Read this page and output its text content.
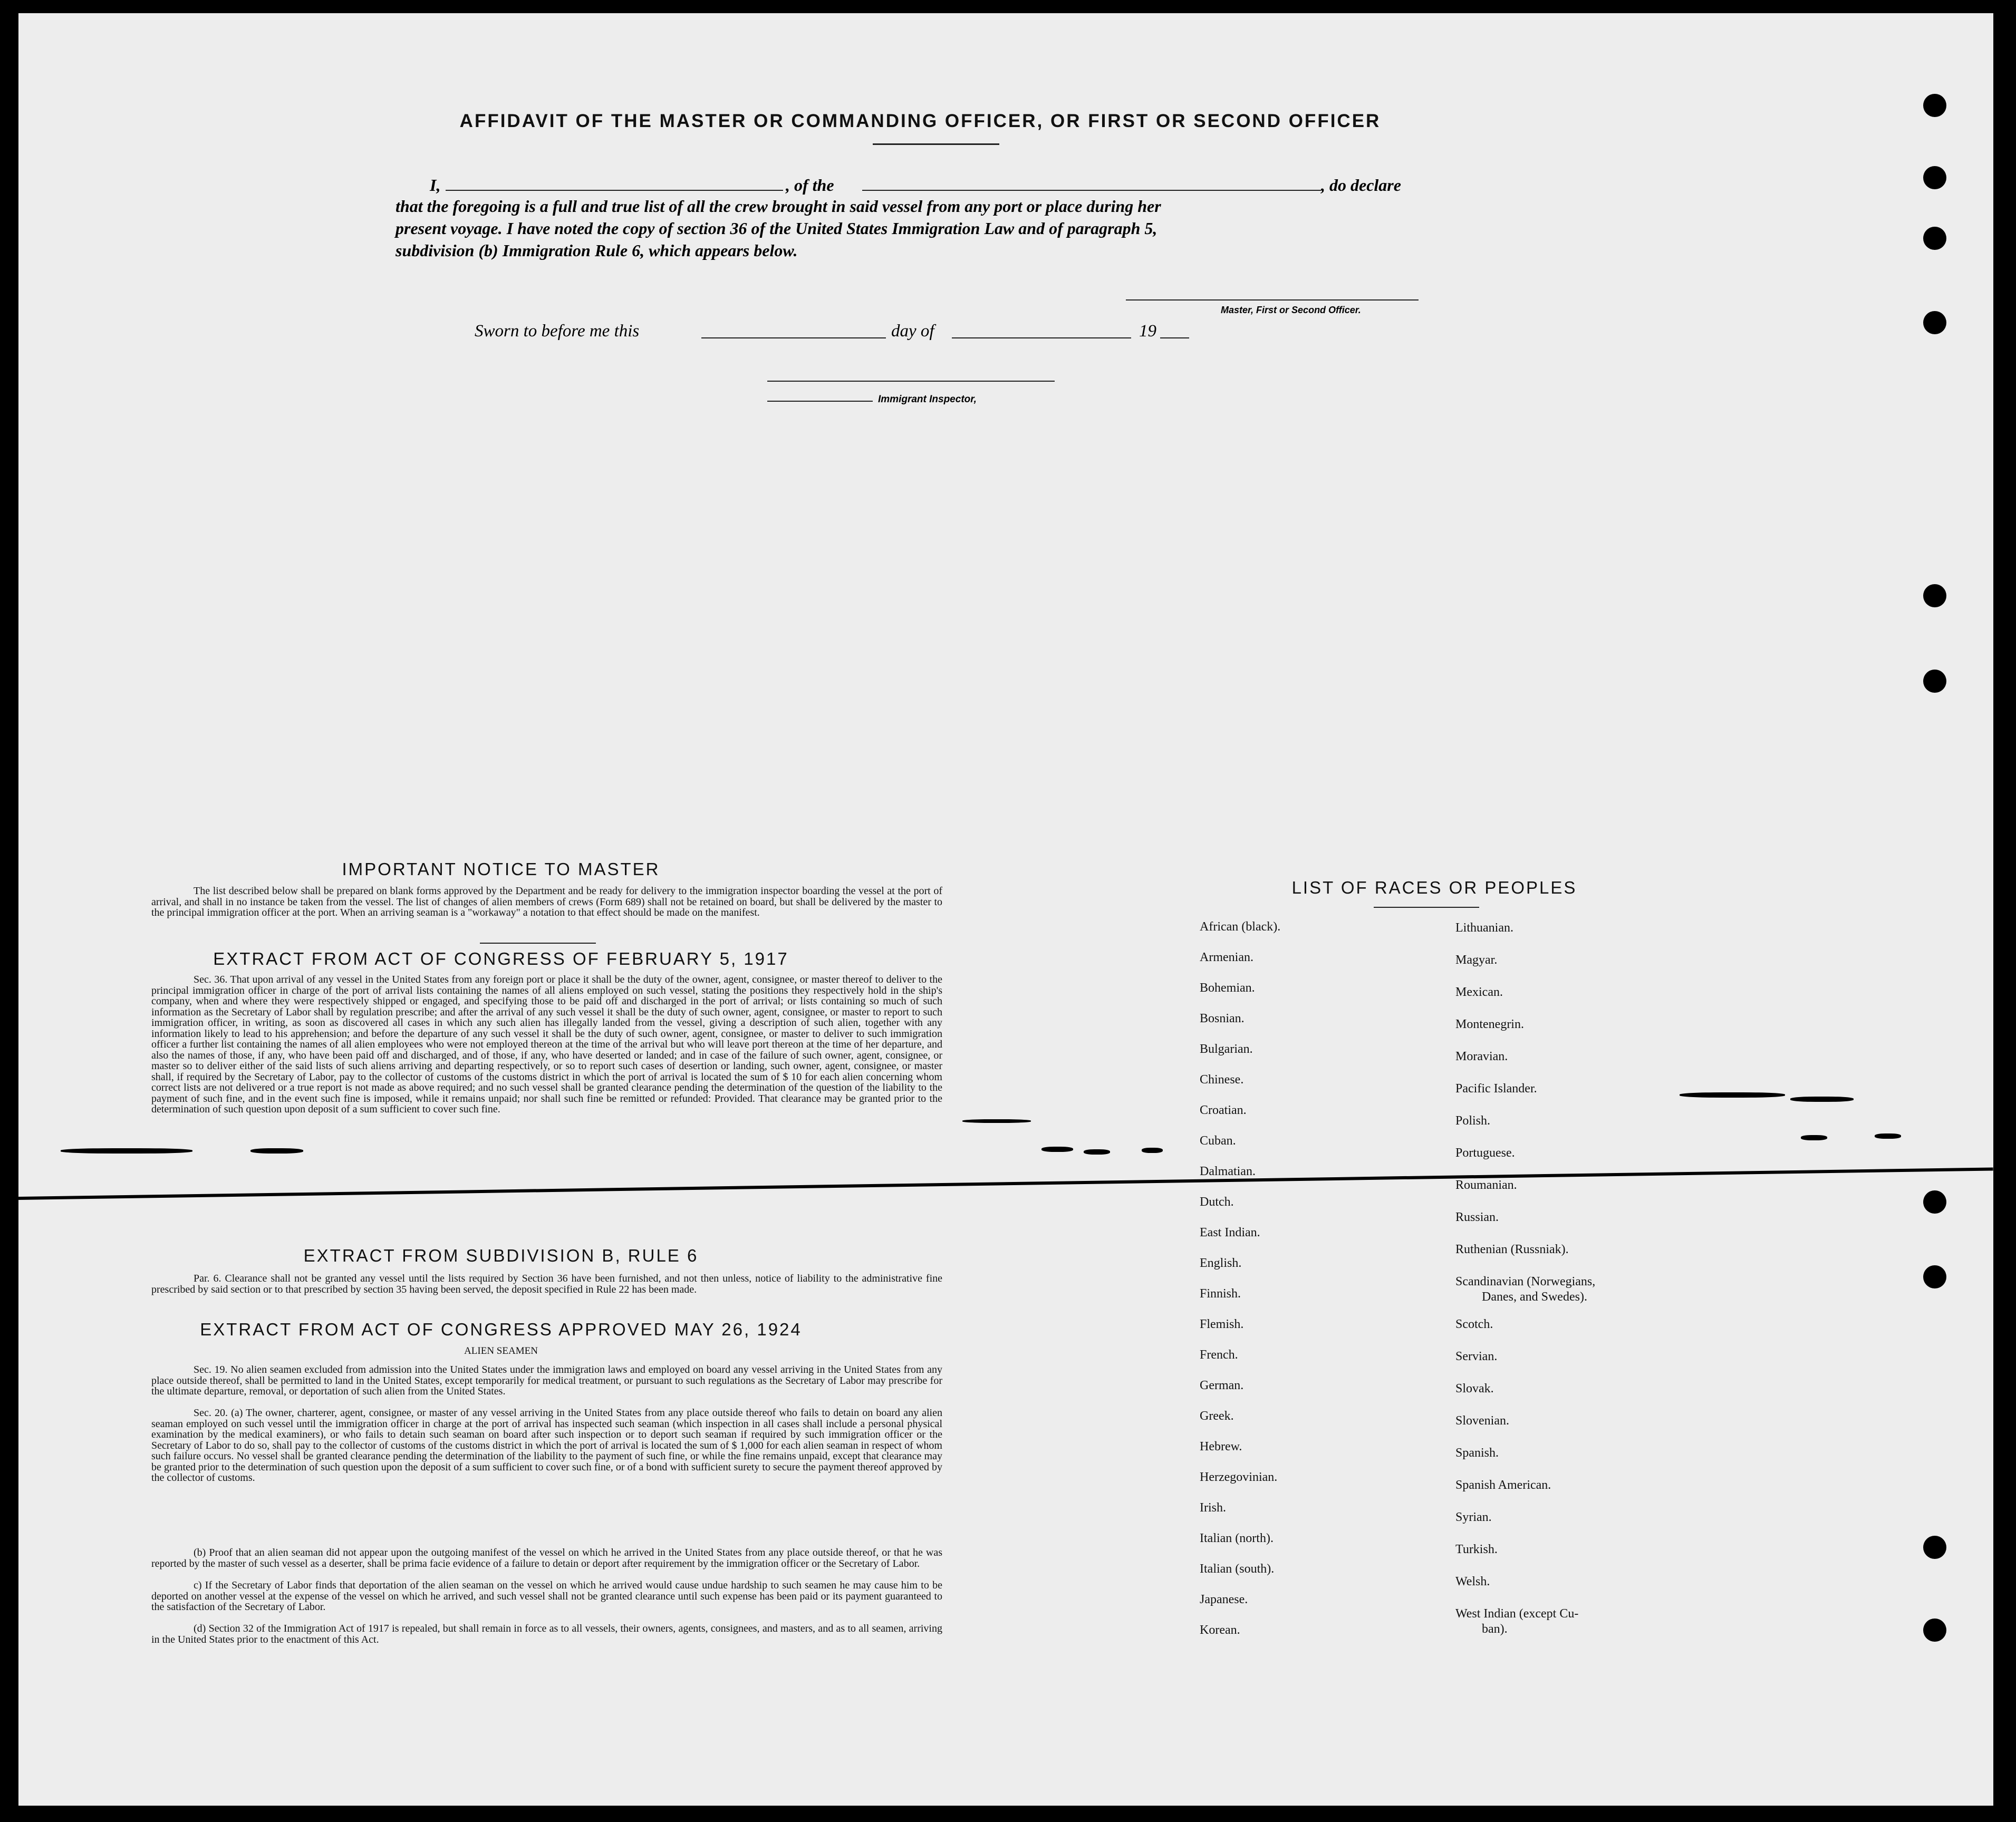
AFFIDAVIT OF THE MASTER OR COMMANDING OFFICER, OR FIRST OR SECOND OFFICER
I,	, of the	, do declare
that the foregoing is a full and true list of all the crew brought in said vessel from any port or place during her
present voyage. I have noted the copy of section 36 of the United States Immigration Law and of paragraph 5,
subdivision (b) Immigration Rule 6, which appears below.
Master, First or Second Officer.
Sworn to before me this	day of	19
Immigrant Inspector,
IMPORTANT NOTICE TO MASTER
The list described below shall be prepared on blank forms approved by the Department and be ready for delivery to the immigration inspector boarding the vessel at the port of arrival, and shall in no instance be taken from the vessel. The list of changes of alien members of crews (Form 689) shall not be retained on board, but shall be delivered by the master to the principal immigration officer at the port. When an arriving seaman is a "workaway" a notation to that effect should be made on the manifest.
EXTRACT FROM ACT OF CONGRESS OF FEBRUARY 5, 1917
Sec. 36. That upon arrival of any vessel in the United States from any foreign port or place it shall be the duty of the owner, agent, consignee, or master thereof to deliver to the principal immigration officer in charge of the port of arrival lists containing the names of all aliens employed on such vessel, stating the positions they respectively hold in the ship's company, when and where they were respectively shipped or engaged, and specifying those to be paid off and discharged in the port of arrival; or lists containing so much of such information as the Secretary of Labor shall by regulation prescribe; and after the arrival of any such vessel it shall be the duty of such owner, agent, consignee, or master to report to such immigration officer, in writing, as soon as discovered all cases in which any such alien has illegally landed from the vessel, giving a description of such alien, together with any information likely to lead to his apprehension; and before the departure of any such vessel it shall be the duty of such owner, agent, consignee, or master to deliver to such immigration officer a further list containing the names of all alien employees who were not employed thereon at the time of the arrival but who will leave port thereon at the time of her departure, and also the names of those, if any, who have been paid off and discharged, and of those, if any, who have deserted or landed; and in case of the failure of such owner, agent, consignee, or master so to deliver either of the said lists of such aliens arriving and departing respectively, or so to report such cases of desertion or landing, such owner, agent, consignee, or master shall, if required by the Secretary of Labor, pay to the collector of customs of the customs district in which the port of arrival is located the sum of $ 10 for each alien concerning whom correct lists are not delivered or a true report is not made as above required; and no such vessel shall be granted clearance pending the determination of the question of the liability to the payment of such fine, and in the event such fine is imposed, while it remains unpaid; nor shall such fine be remitted or refunded: Provided. That clearance may be granted prior to the determination of such question upon deposit of a sum sufficient to cover such fine.
EXTRACT FROM SUBDIVISION B, RULE 6
Par. 6. Clearance shall not be granted any vessel until the lists required by Section 36 have been furnished, and not then unless, notice of liability to the administrative fine prescribed by said section or to that prescribed by section 35 having been served, the deposit specified in Rule 22 has been made.
EXTRACT FROM ACT OF CONGRESS APPROVED MAY 26, 1924
ALIEN SEAMEN
Sec. 19. No alien seamen excluded from admission into the United States under the immigration laws and employed on board any vessel arriving in the United States from any place outside thereof, shall be permitted to land in the United States, except temporarily for medical treatment, or pursuant to such regulations as the Secretary of Labor may prescribe for the ultimate departure, removal, or deportation of such alien from the United States.
Sec. 20. (a) The owner, charterer, agent, consignee, or master of any vessel arriving in the United States from any place outside thereof who fails to detain on board any alien seaman employed on such vessel until the immigration officer in charge at the port of arrival has inspected such seaman (which inspection in all cases shall include a personal physical examination by the medical examiners), or who fails to detain such seaman on board after such inspection or to deport such seaman if required by such immigration officer or the Secretary of Labor to do so, shall pay to the collector of customs of the customs district in which the port of arrival is located the sum of $ 1,000 for each alien seaman in respect of whom such failure occurs. No vessel shall be granted clearance pending the determination of the liability to the payment of such fine, or while the fine remains unpaid, except that clearance may be granted prior to the determination of such question upon the deposit of a sum sufficient to cover such fine, or of a bond with sufficient surety to secure the payment thereof approved by the collector of customs.
(b) Proof that an alien seaman did not appear upon the outgoing manifest of the vessel on which he arrived in the United States from any place outside thereof, or that he was reported by the master of such vessel as a deserter, shall be prima facie evidence of a failure to detain or deport after requirement by the immigration officer or the Secretary of Labor.
c) If the Secretary of Labor finds that deportation of the alien seaman on the vessel on which he arrived would cause undue hardship to such seamen he may cause him to be deported on another vessel at the expense of the vessel on which he arrived, and such vessel shall not be granted clearance until such expense has been paid or its payment guaranteed to the satisfaction of the Secretary of Labor.
(d) Section 32 of the Immigration Act of 1917 is repealed, but shall remain in force as to all vessels, their owners, agents, consignees, and masters, and as to all seamen, arriving in the United States prior to the enactment of this Act.
LIST OF RACES OR PEOPLES
African (black).
Armenian.
Bohemian.
Bosnian.
Bulgarian.
Chinese.
Croatian.
Cuban.
Dalmatian.
Dutch.
East Indian.
English.
Finnish.
Flemish.
French.
German.
Greek.
Hebrew.
Herzegovinian.
Irish.
Italian (north).
Italian (south).
Japanese.
Korean.
Lithuanian.
Magyar.
Mexican.
Montenegrin.
Moravian.
Pacific Islander.
Polish.
Portuguese.
Roumanian.
Russian.
Ruthenian (Russniak).
Scandinavian (Norwegians,
Danes, and Swedes).
Scotch.
Servian.
Slovak.
Slovenian.
Spanish.
Spanish American.
Syrian.
Turkish.
Welsh.
West Indian (except Cu-
ban).
